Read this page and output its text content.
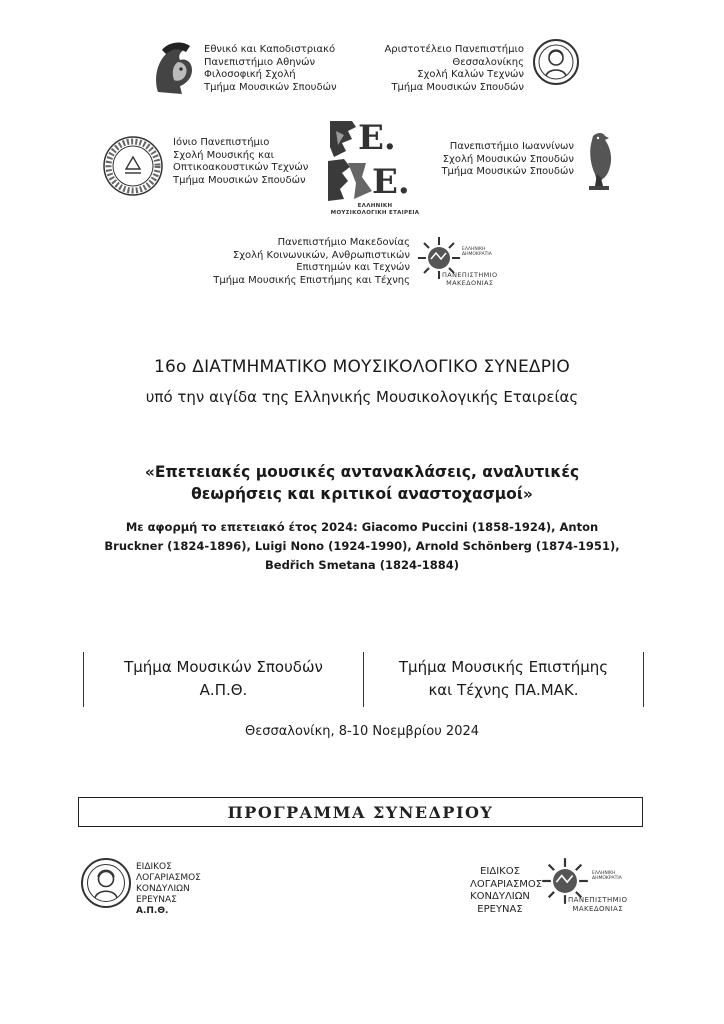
Εθνικό και Καποδιστριακό
Πανεπιστήμιο Αθηνών
Φιλοσοφική Σχολή
Τμήμα Μουσικών Σπουδών
Αριστοτέλειο Πανεπιστήμιο
Θεσσαλονίκης
Σχολή Καλών Τεχνών
Τμήμα Μουσικών Σπουδών
Ιόνιο Πανεπιστήμιο
Σχολή Μουσικής και
Οπτικοακουστικών Τεχνών
Τμήμα Μουσικών Σπουδών
Ε.
Ε.
ΕΛΛΗΝΙΚΗ
ΜΟΥΣΙΚΟΛΟΓΙΚΗ ΕΤΑΙΡΕΙΑ
Πανεπιστήμιο Ιωαννίνων
Σχολή Μουσικών Σπουδών
Τμήμα Μουσικών Σπουδών
Πανεπιστήμιο Μακεδονίας
Σχολή Κοινωνικών, Ανθρωπιστικών
Επιστημών και Τεχνών
Τμήμα Μουσικής Επιστήμης και Τέχνης
ΕΛΛΗΝΙΚΗ ΔΗΜΟΚΡΑΤΙΑ
ΠΑΝΕΠΙΣΤΗΜΙΟ
ΜΑΚΕΔΟΝΙΑΣ
16ο ΔΙΑΤΜΗΜΑΤΙΚΟ ΜΟΥΣΙΚΟΛΟΓΙΚΟ ΣΥΝΕΔΡΙΟ
υπό την αιγίδα της Ελληνικής Μουσικολογικής Εταιρείας
«Επετειακές μουσικές αντανακλάσεις, αναλυτικές
θεωρήσεις και κριτικοί αναστοχασμοί»
Με αφορμή το επετειακό έτος 2024: Giacomo Puccini (1858-1924), Anton
Bruckner (1824-1896), Luigi Nono (1924-1990), Arnold Schönberg (1874-1951),
Bedřich Smetana (1824-1884)
Τμήμα Μουσικών Σπουδών
Α.Π.Θ.
Τμήμα Μουσικής Επιστήμης
και Τέχνης ΠΑ.ΜΑΚ.
Θεσσαλονίκη, 8-10 Νοεμβρίου 2024
ΠΡΟΓΡΑΜΜΑ ΣΥΝΕΔΡΙΟΥ
ΕΙΔΙΚΟΣ
ΛΟΓΑΡΙΑΣΜΟΣ
ΚΟΝΔΥΛΙΩΝ
ΕΡΕΥΝΑΣ
Α.Π.Θ.
ΕΙΔΙΚΟΣ
ΛΟΓΑΡΙΑΣΜΟΣ
ΚΟΝΔΥΛΙΩΝ
ΕΡΕΥΝΑΣ
ΕΛΛΗΝΙΚΗ ΔΗΜΟΚΡΑΤΙΑ
ΠΑΝΕΠΙΣΤΗΜΙΟ
ΜΑΚΕΔΟΝΙΑΣ
